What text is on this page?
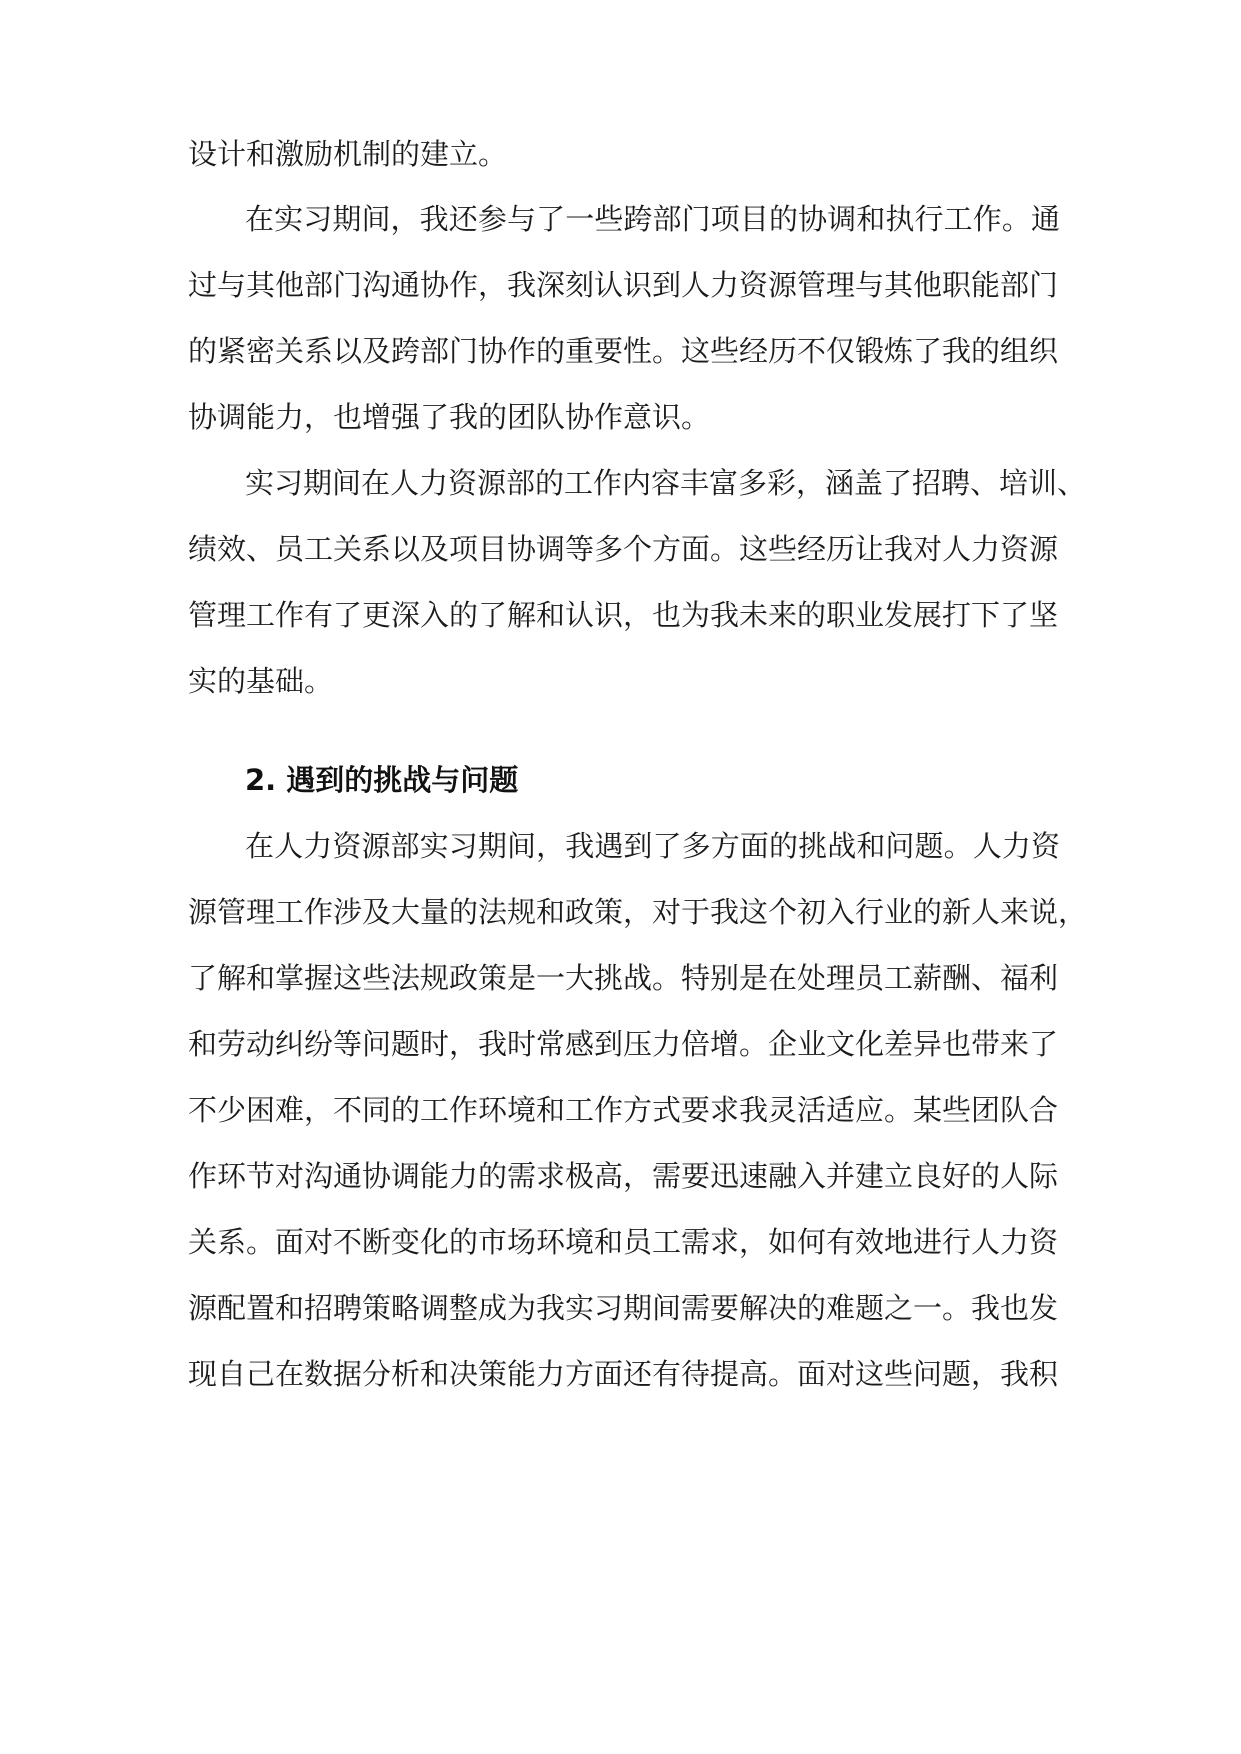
设计和激励机制的建立。
在实习期间，我还参与了一些跨部门项目的协调和执行工作。通
过与其他部门沟通协作，我深刻认识到人力资源管理与其他职能部门
的紧密关系以及跨部门协作的重要性。这些经历不仅锻炼了我的组织
协调能力，也增强了我的团队协作意识。
实习期间在人力资源部的工作内容丰富多彩，涵盖了招聘、培训、
绩效、员工关系以及项目协调等多个方面。这些经历让我对人力资源
管理工作有了更深入的了解和认识，也为我未来的职业发展打下了坚
实的基础。
2. 遇到的挑战与问题
在人力资源部实习期间，我遇到了多方面的挑战和问题。人力资
源管理工作涉及大量的法规和政策，对于我这个初入行业的新人来说，
了解和掌握这些法规政策是一大挑战。特别是在处理员工薪酬、福利
和劳动纠纷等问题时，我时常感到压力倍增。企业文化差异也带来了
不少困难，不同的工作环境和工作方式要求我灵活适应。某些团队合
作环节对沟通协调能力的需求极高，需要迅速融入并建立良好的人际
关系。面对不断变化的市场环境和员工需求，如何有效地进行人力资
源配置和招聘策略调整成为我实习期间需要解决的难题之一。我也发
现自己在数据分析和决策能力方面还有待提高。面对这些问题，我积
